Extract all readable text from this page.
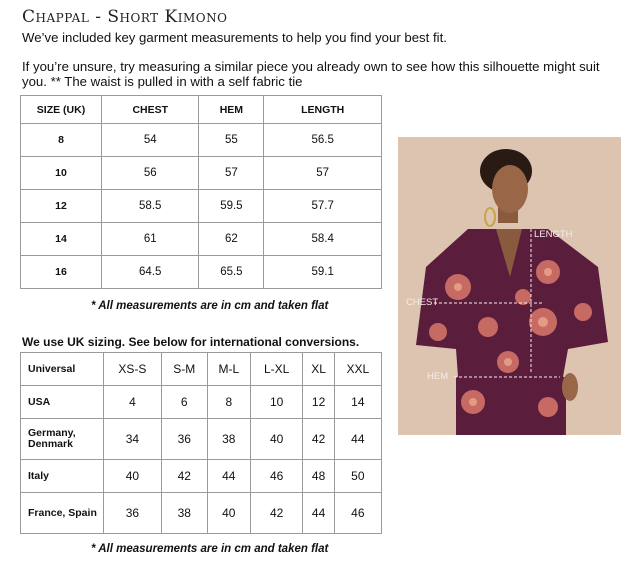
Chappal - Short Kimono

We’ve included key garment measurements to help you find your best fit.

If you’re unsure, try measuring a similar piece you already own to see how this silhouette might suit you. ** The waist is pulled in with a self fabric tie

SIZE (UK)	CHEST	HEM	LENGTH
8	54	55	56.5
10	56	57	57
12	58.5	59.5	57.7
14	61	62	58.4
16	64.5	65.5	59.1
* All measurements are in cm and taken flat
We use UK sizing. See below for international conversions.
Universal	XS-S	S-M	M-L	L-XL	XL	XXL
USA	4	6	8	10	12	14
Germany, Denmark	34	36	38	40	42	44
Italy	40	42	44	46	48	50
France, Spain	36	38	40	42	44	46
* All measurements are in cm and taken flat
LENGTH
CHEST
HEM
